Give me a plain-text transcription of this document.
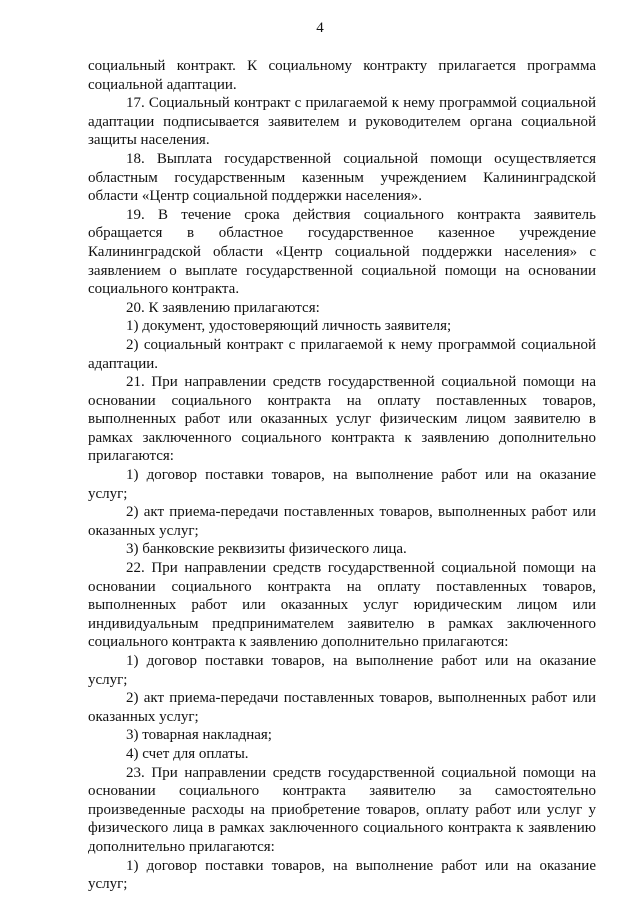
4

социальный контракт. К социальному контракту прилагается программа социальной адаптации.

17. Социальный контракт с прилагаемой к нему программой социальной адаптации подписывается заявителем и руководителем органа социальной защиты населения.

18. Выплата государственной социальной помощи осуществляется областным государственным казенным учреждением Калининградской области «Центр социальной поддержки населения».

19. В течение срока действия социального контракта заявитель обращается в областное государственное казенное учреждение Калининградской области «Центр социальной поддержки населения» с заявлением о выплате государственной социальной помощи на основании социального контракта.

20. К заявлению прилагаются:

1) документ, удостоверяющий личность заявителя;

2) социальный контракт с прилагаемой к нему программой социальной адаптации.

21. При направлении средств государственной социальной помощи на основании социального контракта на оплату поставленных товаров, выполненных работ или оказанных услуг физическим лицом заявителю в рамках заключенного социального контракта к заявлению дополнительно прилагаются:

1) договор поставки товаров, на выполнение работ или на оказание услуг;

2) акт приема-передачи поставленных товаров, выполненных работ или оказанных услуг;

3) банковские реквизиты физического лица.

22. При направлении средств государственной социальной помощи на основании социального контракта на оплату поставленных товаров, выполненных работ или оказанных услуг юридическим лицом или индивидуальным предпринимателем заявителю в рамках заключенного социального контракта к заявлению дополнительно прилагаются:

1) договор поставки товаров, на выполнение работ или на оказание услуг;

2) акт приема-передачи поставленных товаров, выполненных работ или оказанных услуг;

3) товарная накладная;

4) счет для оплаты.

23. При направлении средств государственной социальной помощи на основании социального контракта заявителю за самостоятельно произведенные расходы на приобретение товаров, оплату работ или услуг у физического лица в рамках заключенного социального контракта к заявлению дополнительно прилагаются:

1) договор поставки товаров, на выполнение работ или на оказание услуг;
